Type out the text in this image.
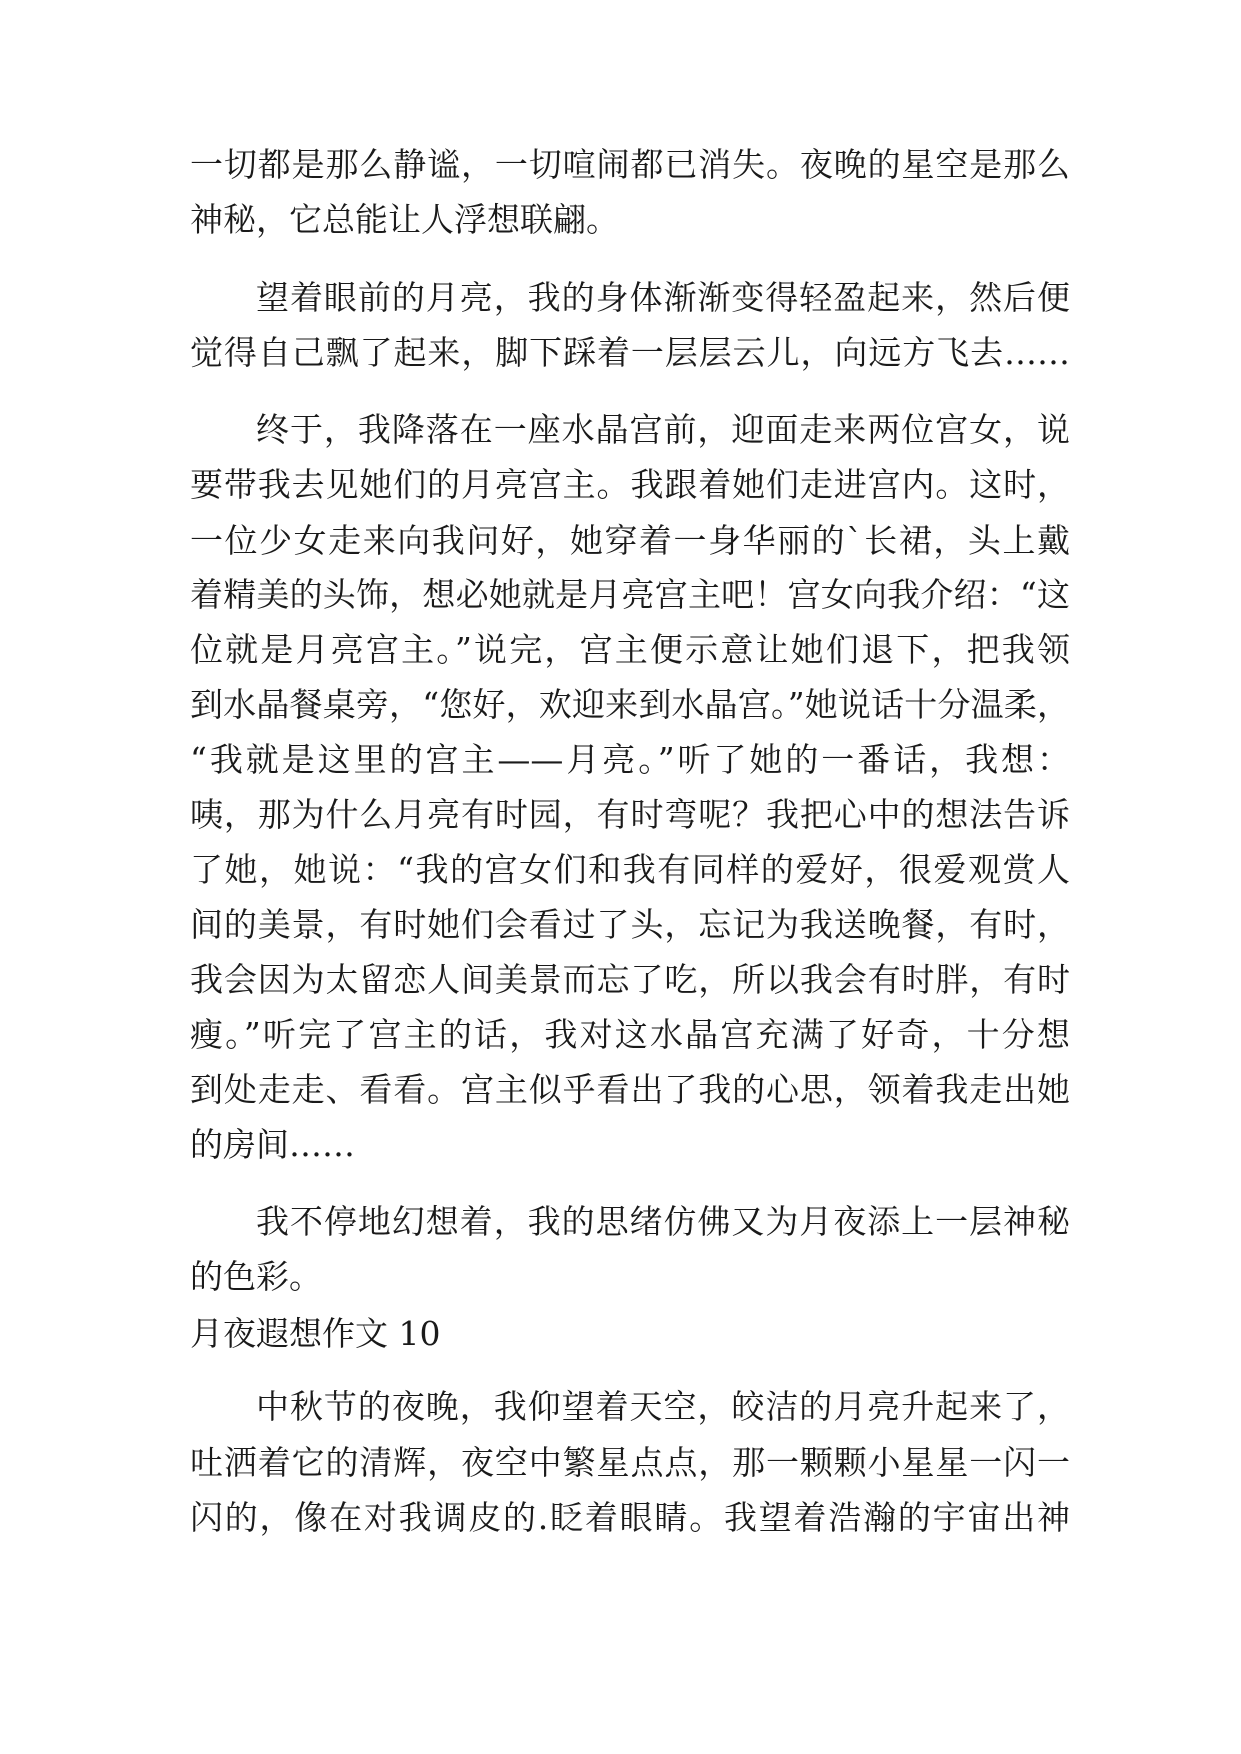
一切都是那么静谧，一切喧闹都已消失。夜晚的星空是那么
神秘，它总能让人浮想联翩。
望着眼前的月亮，我的身体渐渐变得轻盈起来，然后便
觉得自己飘了起来，脚下踩着一层层云儿，向远方飞去……
终于，我降落在一座水晶宫前，迎面走来两位宫女，说
要带我去见她们的月亮宫主。我跟着她们走进宫内。这时，
一位少女走来向我问好，她穿着一身华丽的`长裙，头上戴
着精美的头饰，想必她就是月亮宫主吧！宫女向我介绍：“这
位就是月亮宫主。”说完，宫主便示意让她们退下，把我领
到水晶餐桌旁，“您好，欢迎来到水晶宫。”她说话十分温柔，
“我就是这里的宫主——月亮。”听了她的一番话，我想：
咦，那为什么月亮有时园，有时弯呢？我把心中的想法告诉
了她，她说：“我的宫女们和我有同样的爱好，很爱观赏人
间的美景，有时她们会看过了头，忘记为我送晚餐，有时，
我会因为太留恋人间美景而忘了吃，所以我会有时胖，有时
瘦。”听完了宫主的话，我对这水晶宫充满了好奇，十分想
到处走走、看看。宫主似乎看出了我的心思，领着我走出她
的房间……
我不停地幻想着，我的思绪仿佛又为月夜添上一层神秘
的色彩。
月夜遐想作文 10
中秋节的夜晚，我仰望着天空，皎洁的月亮升起来了，
吐洒着它的清辉，夜空中繁星点点，那一颗颗小星星一闪一
闪的，像在对我调皮的.眨着眼睛。我望着浩瀚的宇宙出神
